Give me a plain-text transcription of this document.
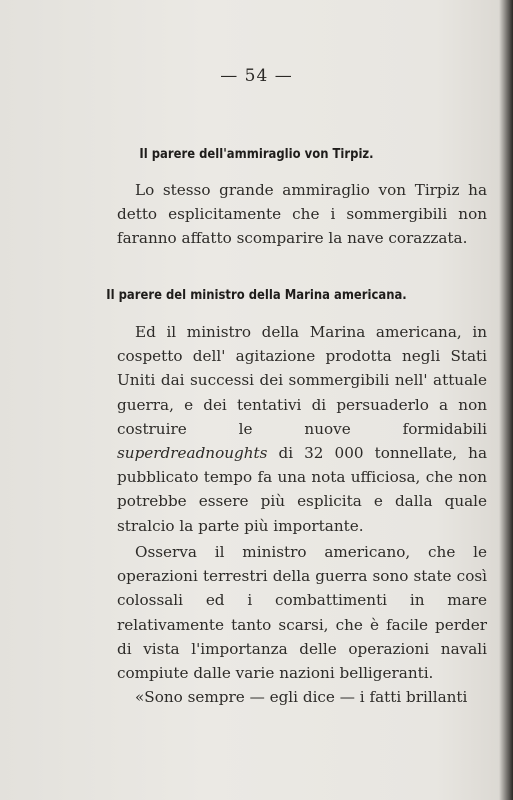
— 54 —
Il parere dell'ammiraglio von Tirpiz.

Lo stesso grande ammiraglio von Tirpiz ha detto esplicitamente che i sommergibili non faranno affatto scomparire la nave corazzata.

Il parere del ministro della Marina americana.

Ed il ministro della Marina americana, in cospetto dell' agitazione prodotta negli Stati Uniti dai successi dei sommergibili nell' attuale guerra, e dei tentativi di persuaderlo a non costruire le nuove formidabili superdreadnoughts di 32 000 tonnellate, ha pubblicato tempo fa una nota ufficiosa, che non potrebbe essere più esplicita e dalla quale stralcio la parte più importante.

Osserva il ministro americano, che le operazioni terrestri della guerra sono state così colossali ed i combattimenti in mare relativamente tanto scarsi, che è facile perder di vista l'importanza delle operazioni navali compiute dalle varie nazioni belligeranti.

«Sono sempre — egli dice — i fatti brillanti
